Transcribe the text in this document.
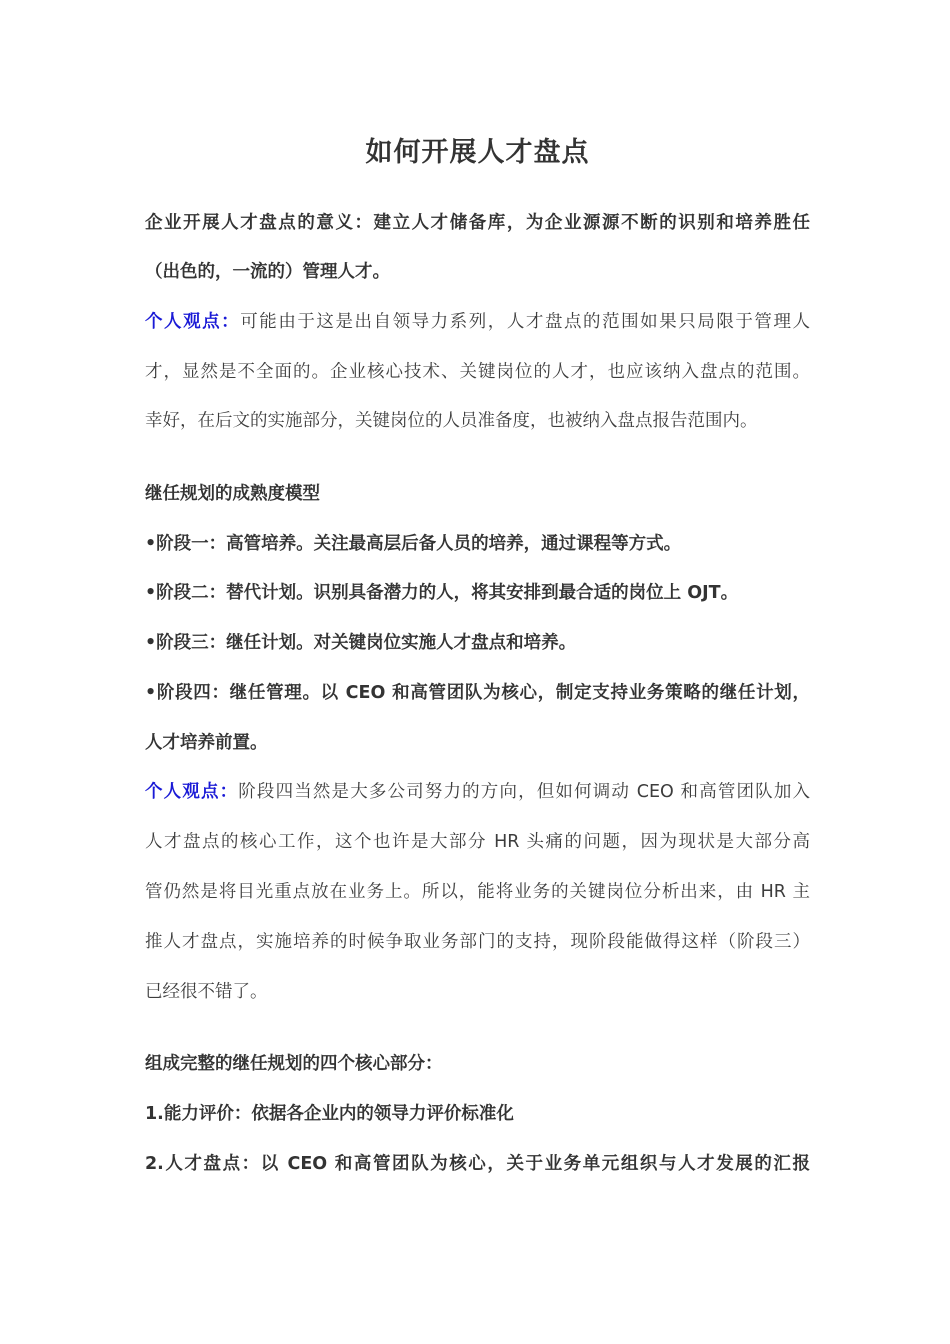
如何开展人才盘点
企业开展人才盘点的意义：建立人才储备库，为企业源源不断的识别和培养胜任
（出色的，一流的）管理人才。
个人观点：可能由于这是出自领导力系列，人才盘点的范围如果只局限于管理人
才，显然是不全面的。企业核心技术、关键岗位的人才，也应该纳入盘点的范围。
幸好，在后文的实施部分，关键岗位的人员准备度，也被纳入盘点报告范围内。
继任规划的成熟度模型
•阶段一：高管培养。关注最高层后备人员的培养，通过课程等方式。
•阶段二：替代计划。识别具备潜力的人，将其安排到最合适的岗位上 OJT。
•阶段三：继任计划。对关键岗位实施人才盘点和培养。
•阶段四：继任管理。以 CEO 和高管团队为核心，制定支持业务策略的继任计划，
人才培养前置。
个人观点：阶段四当然是大多公司努力的方向，但如何调动 CEO 和高管团队加入
人才盘点的核心工作，这个也许是大部分 HR 头痛的问题，因为现状是大部分高
管仍然是将目光重点放在业务上。所以，能将业务的关键岗位分析出来，由 HR 主
推人才盘点，实施培养的时候争取业务部门的支持，现阶段能做得这样（阶段三）
已经很不错了。
组成完整的继任规划的四个核心部分：
1.能力评价：依据各企业内的领导力评价标准化
2.人才盘点：以 CEO 和高管团队为核心，关于业务单元组织与人才发展的汇报
